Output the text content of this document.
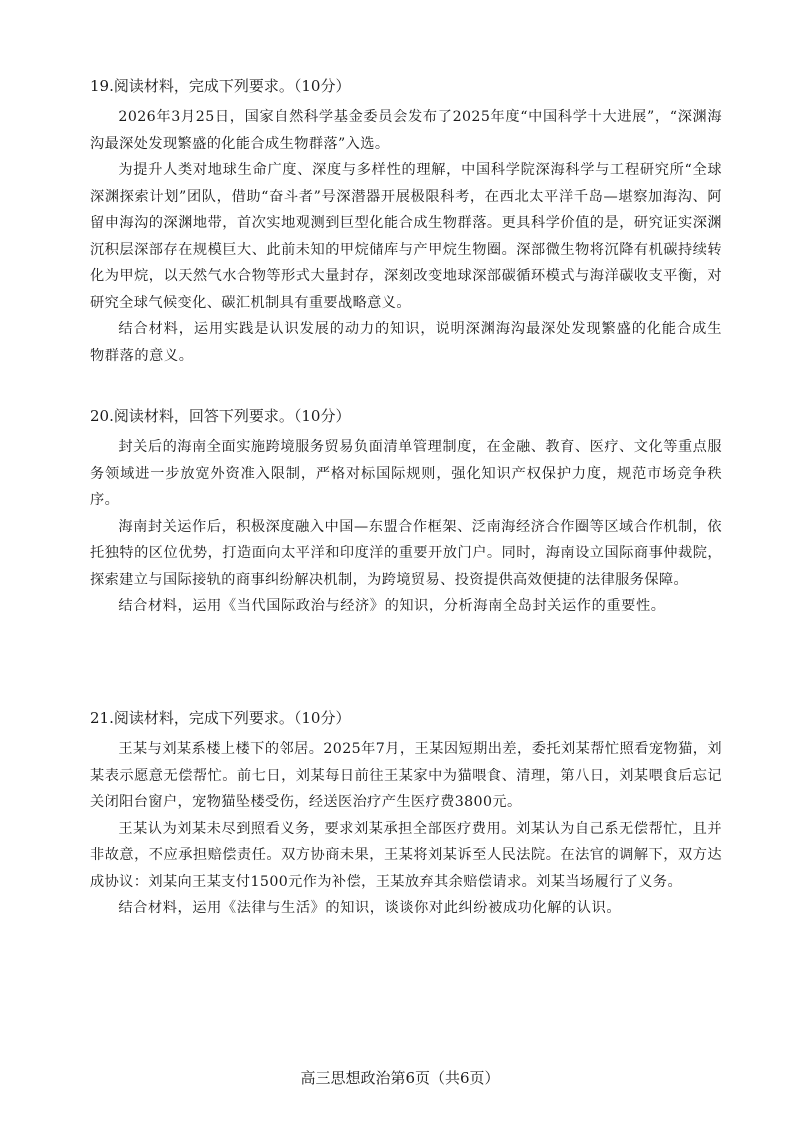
19.阅读材料，完成下列要求。（10分）

2026年3月25日，国家自然科学基金委员会发布了2025年度“中国科学十大进展”，“深渊海沟最深处发现繁盛的化能合成生物群落”入选。

为提升人类对地球生命广度、深度与多样性的理解，中国科学院深海科学与工程研究所“全球深渊探索计划”团队，借助“奋斗者”号深潜器开展极限科考，在西北太平洋千岛—堪察加海沟、阿留申海沟的深渊地带，首次实地观测到巨型化能合成生物群落。更具科学价值的是，研究证实深渊沉积层深部存在规模巨大、此前未知的甲烷储库与产甲烷生物圈。深部微生物将沉降有机碳持续转化为甲烷，以天然气水合物等形式大量封存，深刻改变地球深部碳循环模式与海洋碳收支平衡，对研究全球气候变化、碳汇机制具有重要战略意义。

结合材料，运用实践是认识发展的动力的知识，说明深渊海沟最深处发现繁盛的化能合成生物群落的意义。

20.阅读材料，回答下列要求。（10分）

封关后的海南全面实施跨境服务贸易负面清单管理制度，在金融、教育、医疗、文化等重点服务领域进一步放宽外资准入限制，严格对标国际规则，强化知识产权保护力度，规范市场竞争秩序。

海南封关运作后，积极深度融入中国—东盟合作框架、泛南海经济合作圈等区域合作机制，依托独特的区位优势，打造面向太平洋和印度洋的重要开放门户。同时，海南设立国际商事仲裁院，探索建立与国际接轨的商事纠纷解决机制，为跨境贸易、投资提供高效便捷的法律服务保障。

结合材料，运用《当代国际政治与经济》的知识，分析海南全岛封关运作的重要性。

21.阅读材料，完成下列要求。（10分）

王某与刘某系楼上楼下的邻居。2025年7月，王某因短期出差，委托刘某帮忙照看宠物猫，刘某表示愿意无偿帮忙。前七日，刘某每日前往王某家中为猫喂食、清理，第八日，刘某喂食后忘记关闭阳台窗户，宠物猫坠楼受伤，经送医治疗产生医疗费3800元。

王某认为刘某未尽到照看义务，要求刘某承担全部医疗费用。刘某认为自己系无偿帮忙，且并非故意，不应承担赔偿责任。双方协商未果，王某将刘某诉至人民法院。在法官的调解下，双方达成协议：刘某向王某支付1500元作为补偿，王某放弃其余赔偿请求。刘某当场履行了义务。

结合材料，运用《法律与生活》的知识，谈谈你对此纠纷被成功化解的认识。

高三思想政治第6页（共6页）
